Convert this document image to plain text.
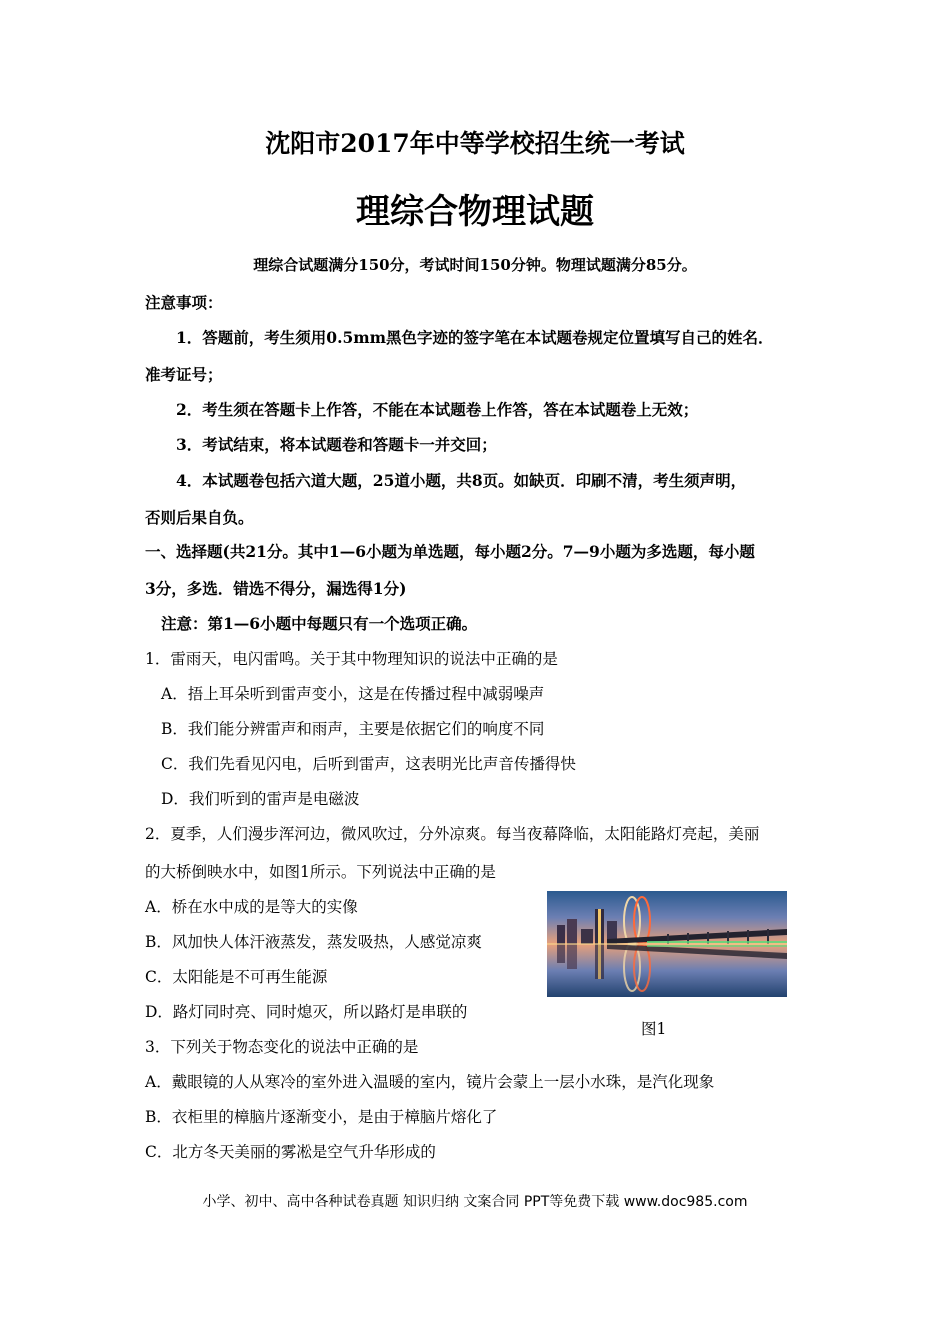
沈阳市2017年中等学校招生统一考试
理综合物理试题
理综合试题满分150分，考试时间150分钟。物理试题满分85分。
注意事项：
1．答题前，考生须用0.5mm黑色字迹的签字笔在本试题卷规定位置填写自己的姓名．
准考证号；
2．考生须在答题卡上作答，不能在本试题卷上作答，答在本试题卷上无效；
3．考试结束，将本试题卷和答题卡一并交回；
4．本试题卷包括六道大题，25道小题，共8页。如缺页．印刷不清，考生须声明，
否则后果自负。
一、选择题(共21分。其中1—6小题为单选题，每小题2分。7—9小题为多选题，每小题
3分，多选．错选不得分，漏选得1分)
注意：第1—6小题中每题只有一个选项正确。
1．雷雨天，电闪雷鸣。关于其中物理知识的说法中正确的是
A．捂上耳朵听到雷声变小，这是在传播过程中减弱噪声
B．我们能分辨雷声和雨声，主要是依据它们的响度不同
C．我们先看见闪电，后听到雷声，这表明光比声音传播得快
D．我们听到的雷声是电磁波
2．夏季，人们漫步浑河边，微风吹过，分外凉爽。每当夜幕降临，太阳能路灯亮起，美丽
的大桥倒映水中，如图1所示。下列说法中正确的是
A．桥在水中成的是等大的实像
B．风加快人体汗液蒸发，蒸发吸热，人感觉凉爽
C．太阳能是不可再生能源
D．路灯同时亮、同时熄灭，所以路灯是串联的
图1
3．下列关于物态变化的说法中正确的是
A．戴眼镜的人从寒冷的室外进入温暖的室内，镜片会蒙上一层小水珠，是汽化现象
B．衣柜里的樟脑片逐渐变小，是由于樟脑片熔化了
C．北方冬天美丽的雾凇是空气升华形成的
小学、初中、高中各种试卷真题 知识归纳 文案合同 PPT等免费下载 www.doc985.com
